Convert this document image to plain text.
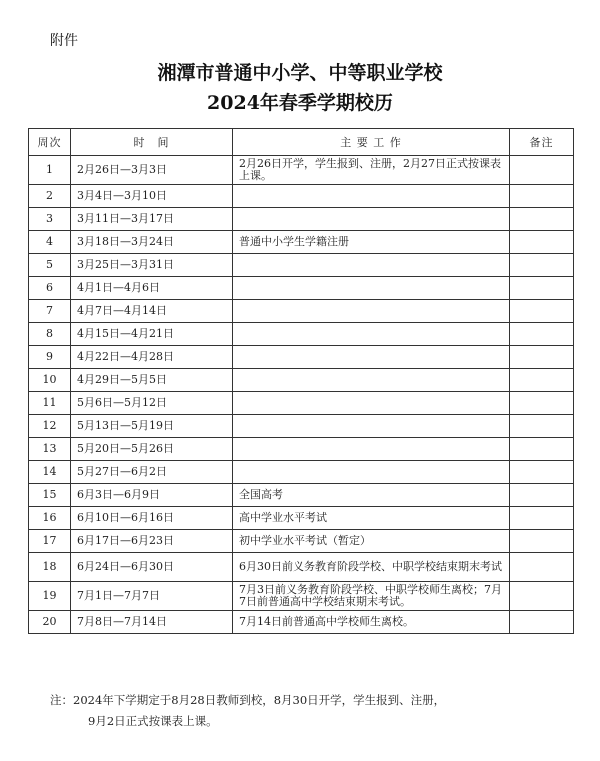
附件
湘潭市普通中小学、中等职业学校
2024年春季学期校历
周次	时　间	主 要 工 作	备注
1	2月26日—3月3日	2月26日开学，学生报到、注册，2月27日正式按课表上课。	
2	3月4日—3月10日		
3	3月11日—3月17日		
4	3月18日—3月24日	普通中小学生学籍注册	
5	3月25日—3月31日		
6	4月1日—4月6日		
7	4月7日—4月14日		
8	4月15日—4月21日		
9	4月22日—4月28日		
10	4月29日—5月5日		
11	5月6日—5月12日		
12	5月13日—5月19日		
13	5月20日—5月26日		
14	5月27日—6月2日		
15	6月3日—6月9日	全国高考	
16	6月10日—6月16日	高中学业水平考试	
17	6月17日—6月23日	初中学业水平考试（暂定）	
18	6月24日—6月30日	6月30日前义务教育阶段学校、中职学校结束期末考试	
19	7月1日—7月7日	7月3日前义务教育阶段学校、中职学校师生离校；7月7日前普通高中学校结束期末考试。	
20	7月8日—7月14日	7月14日前普通高中学校师生离校。	
注：2024年下学期定于8月28日教师到校，8月30日开学，学生报到、注册，
9月2日正式按课表上课。
